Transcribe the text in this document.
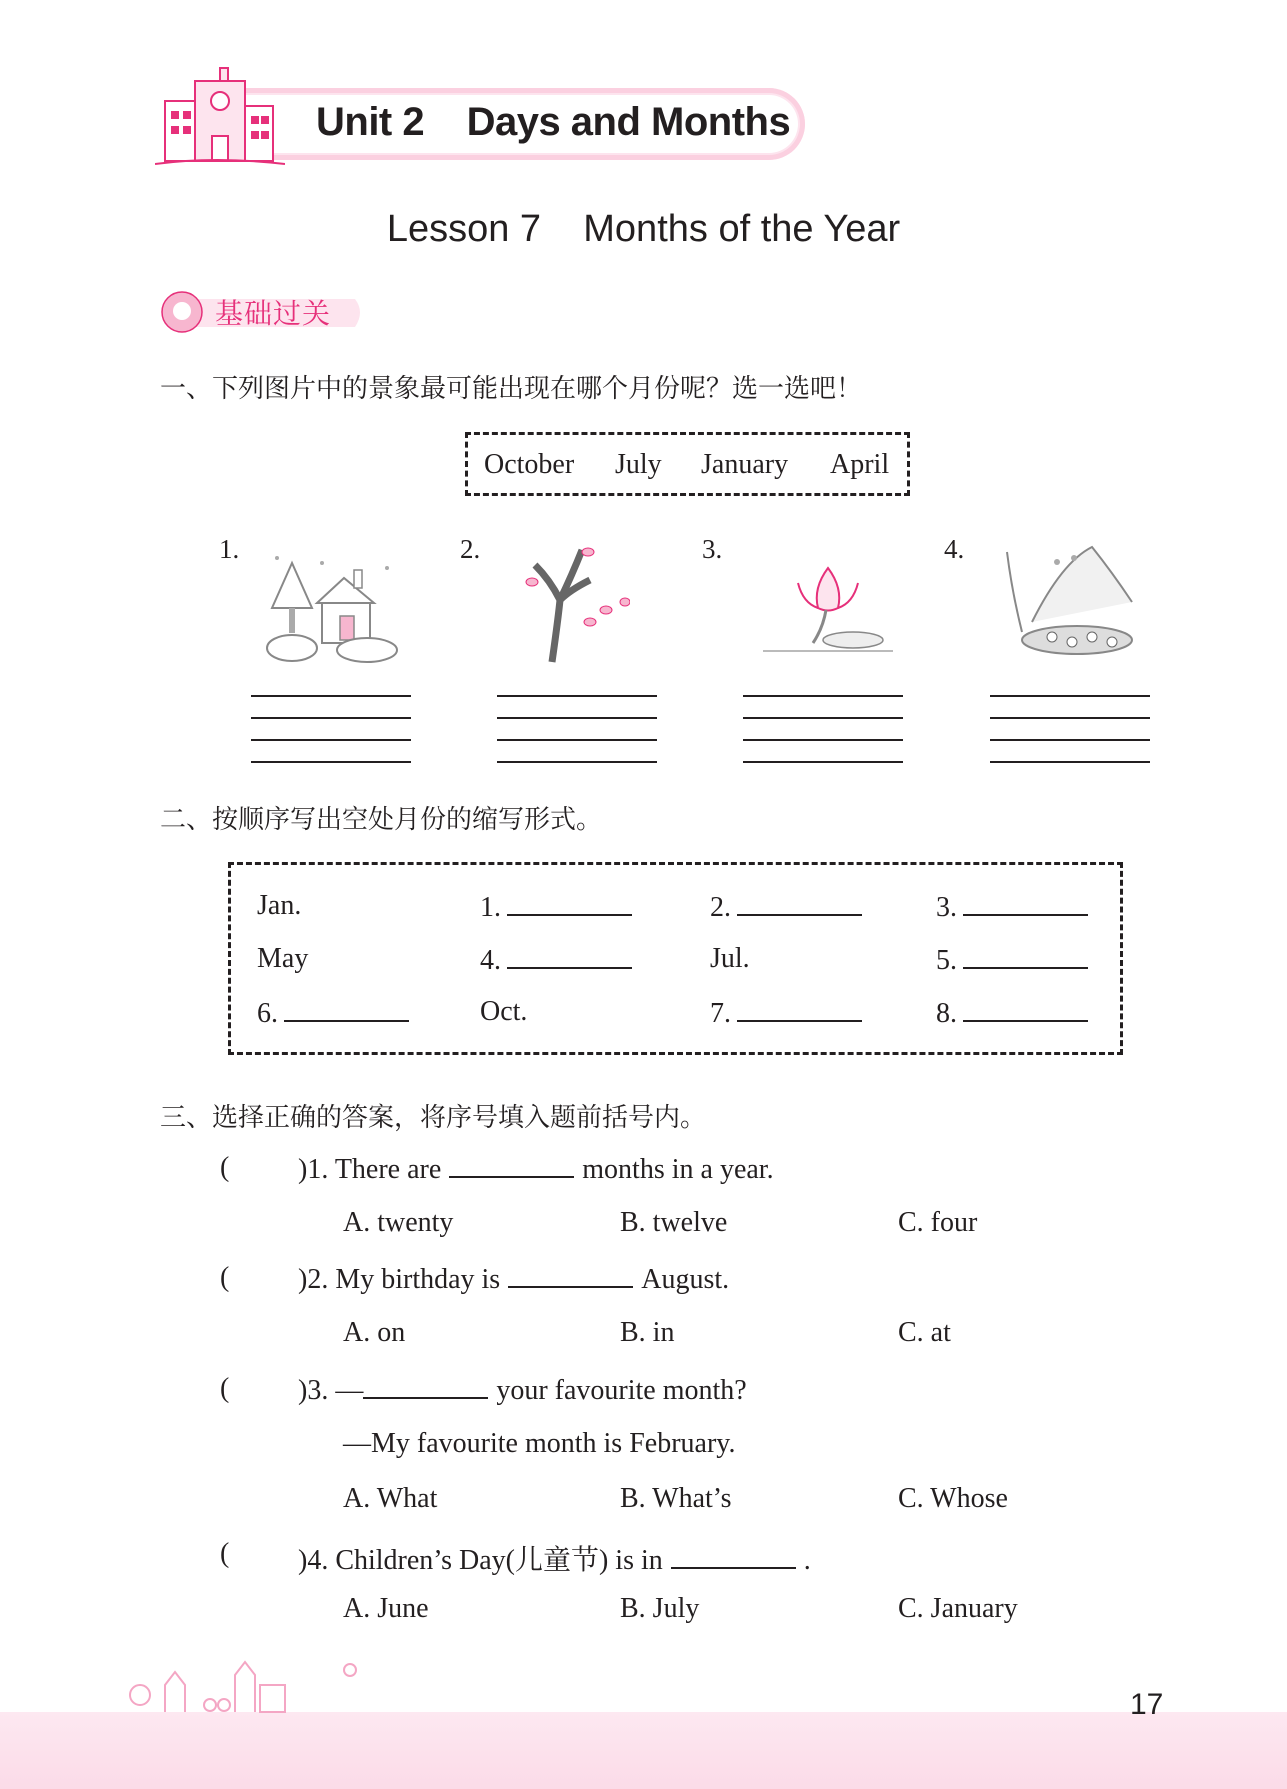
Unit 2    Days and Months
Lesson 7    Months of the Year
基础过关
一、下列图片中的景象最可能出现在哪个月份呢？选一选吧！
October July January April
1.	2.	3.	4.
二、按顺序写出空处月份的缩写形式。
Jan.	1.	2.	3.
May	4.	Jul.	5.
6.	Oct.	7.	8.
三、选择正确的答案，将序号填入题前括号内。
( )1. There are	months in a year.
A. twenty	B. twelve	C. four
( )2. My birthday is	August.
A. on	B. in	C. at
( )3. —	your favourite month?
—My favourite month is February.
A. What	B. What’s	C. Whose
( )4. Children’s Day(儿童节) is in	.
A. June	B. July	C. January
17
